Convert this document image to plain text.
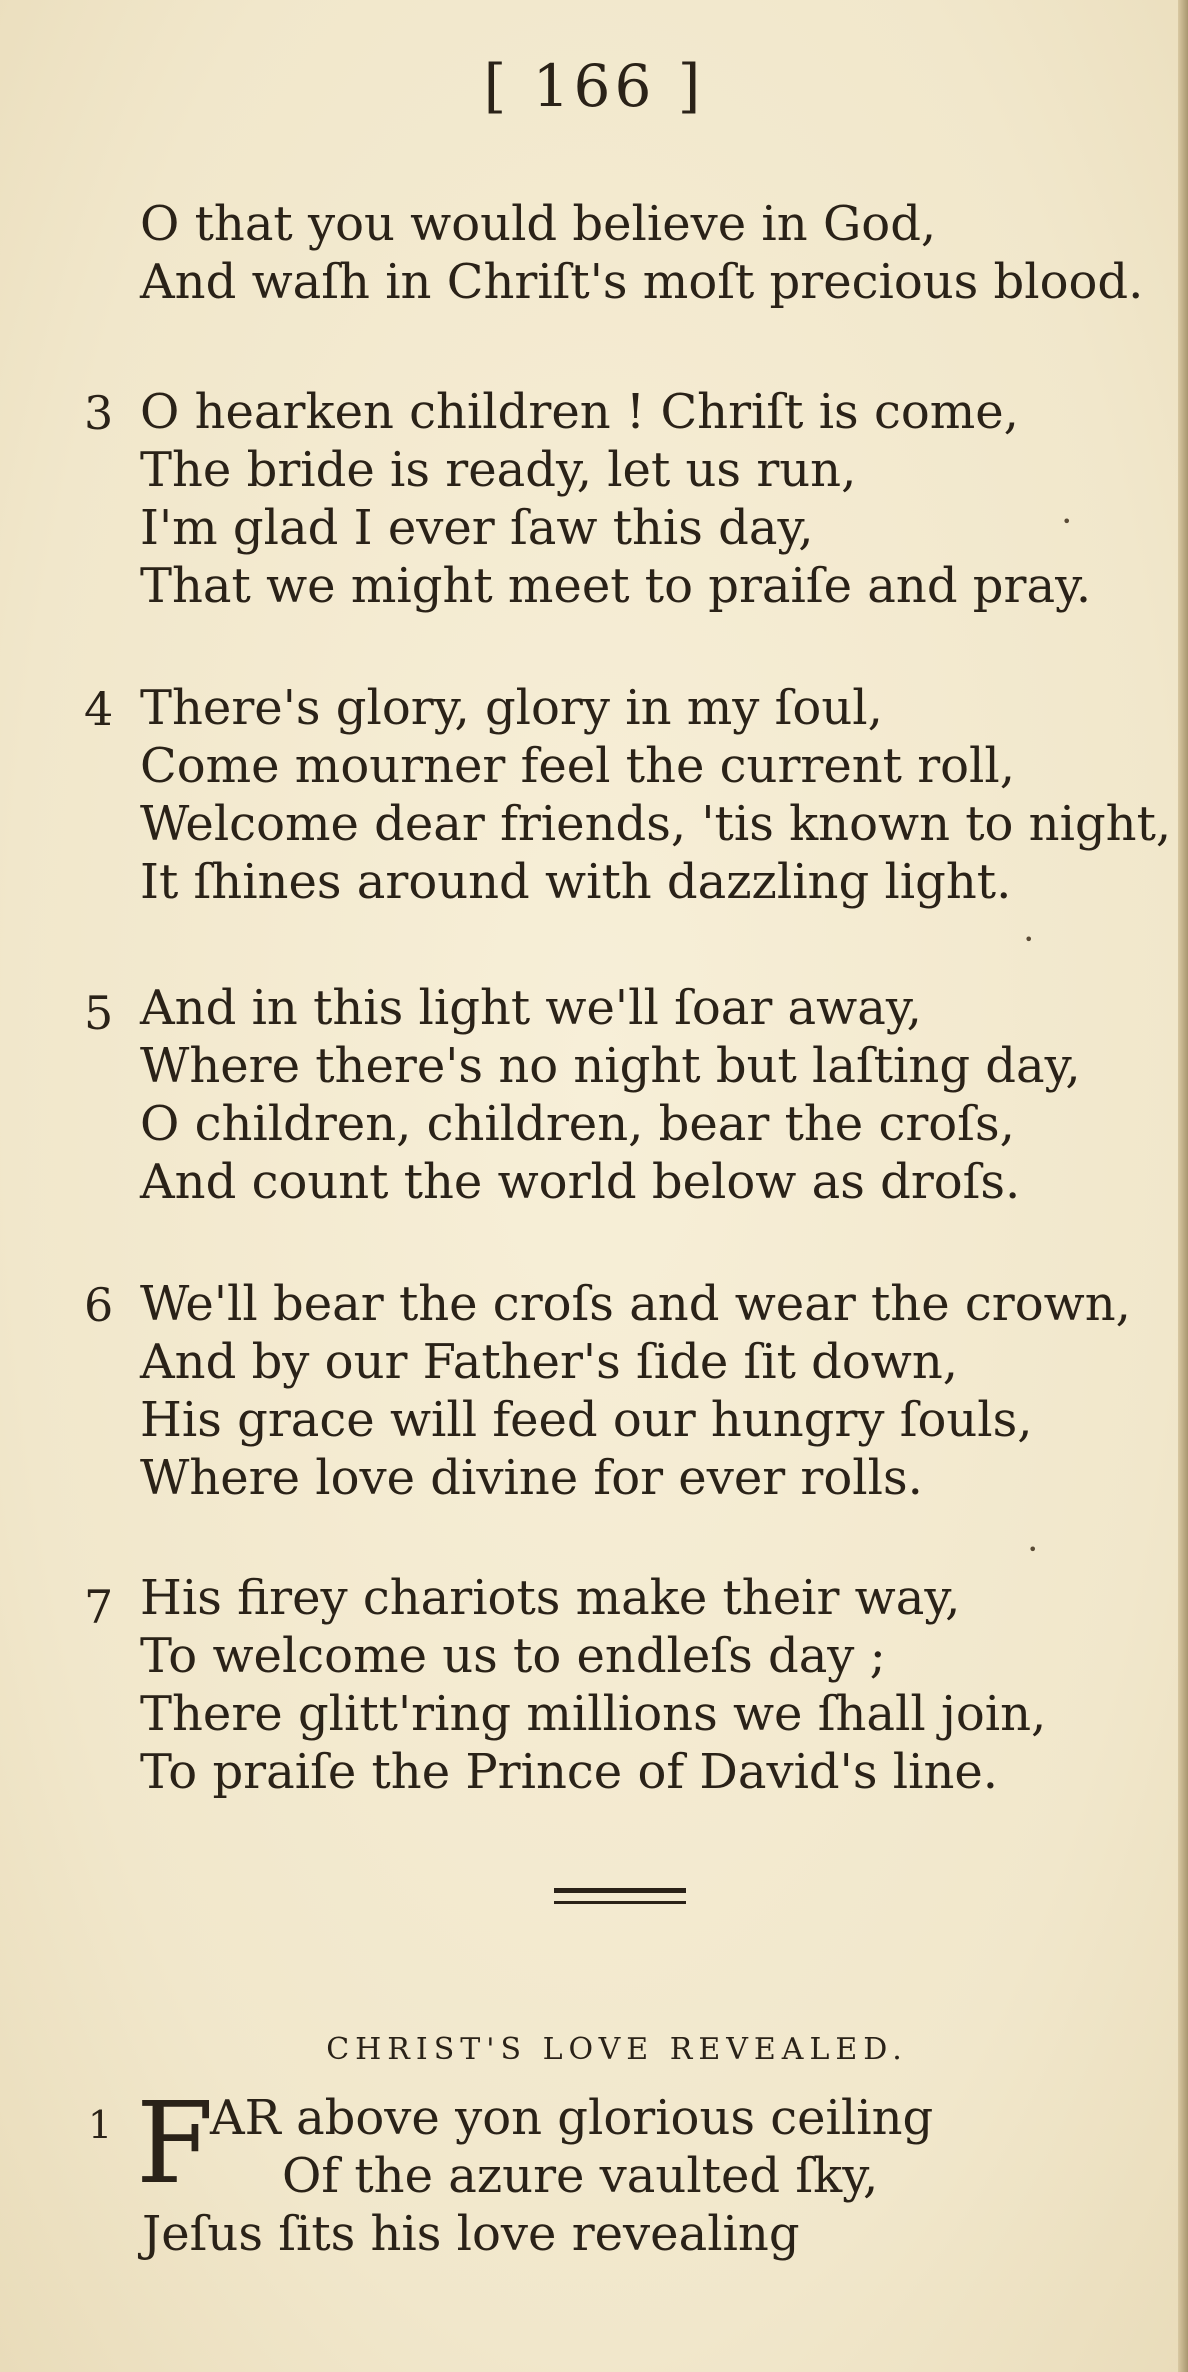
[ 166 ]
O that you would believe in God,
And waſh in Chriſt's moſt precious blood.
3 O hearken children ! Chriſt is come,
The bride is ready, let us run,
I'm glad I ever ſaw this day,
That we might meet to praiſe and pray.
•
4 There's glory, glory in my ſoul,
Come mourner feel the current roll,
Welcome dear friends, 'tis known to night,
It ſhines around with dazzling light.
•
5 And in this light we'll ſoar away,
Where there's no night but laſting day,
O children, children, bear the croſs,
And count the world below as droſs.
6 We'll bear the croſs and wear the crown,
And by our Father's ſide ſit down,
His grace will feed our hungry ſouls,
Where love divine for ever rolls.
•
7 His firey chariots make their way,
To welcome us to endleſs day ;
There glitt'ring millions we ſhall join,
To praiſe the Prince of David's line.
CHRIST'S LOVE REVEALED.
1 F
AR above yon glorious ceiling
Of the azure vaulted ſky,
Jeſus ſits his love revealing
